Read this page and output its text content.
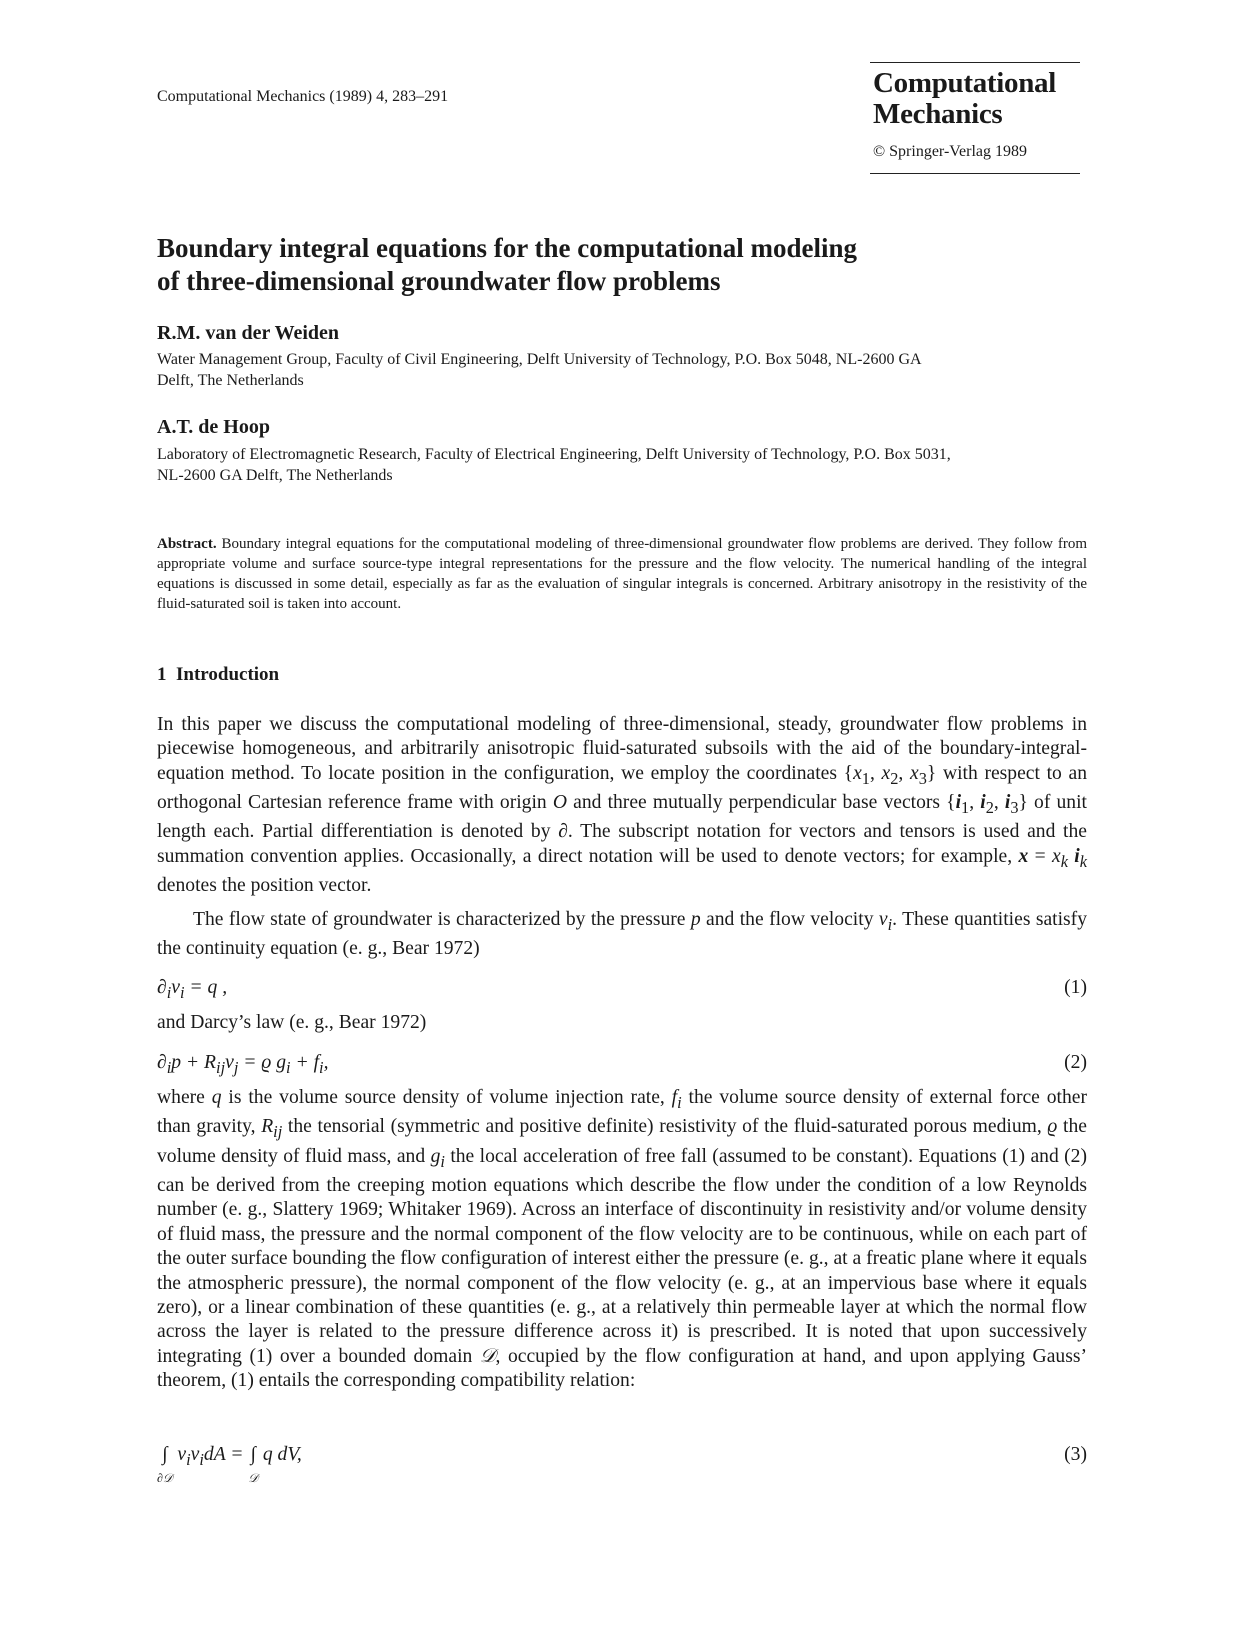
Computational Mechanics (1989) 4, 283–291	Computational
Mechanics
© Springer-Verlag 1989
Boundary integral equations for the computational modeling
of three-dimensional groundwater flow problems
R.M. van der Weiden
Water Management Group, Faculty of Civil Engineering, Delft University of Technology, P.O. Box 5048, NL-2600 GA
Delft, The Netherlands
A.T. de Hoop
Laboratory of Electromagnetic Research, Faculty of Electrical Engineering, Delft University of Technology, P.O. Box 5031,
NL-2600 GA Delft, The Netherlands
Abstract. Boundary integral equations for the computational modeling of three-dimensional groundwater flow problems are derived. They follow from appropriate volume and surface source-type integral representations for the pressure and the flow velocity. The numerical handling of the integral equations is discussed in some detail, especially as far as the evaluation of singular integrals is concerned. Arbitrary anisotropy in the resistivity of the fluid-saturated soil is taken into account.
1 Introduction
In this paper we discuss the computational modeling of three-dimensional, steady, groundwater flow problems in piecewise homogeneous, and arbitrarily anisotropic fluid-saturated subsoils with the aid of the boundary-integral-equation method. To locate position in the configuration, we employ the coordinates {$x_1$, $x_2$, $x_3$} with respect to an orthogonal Cartesian reference frame with origin O and three mutually perpendicular base vectors {$i_1$, $i_2$, $i_3$} of unit length each. Partial differentiation is denoted by ∂. The subscript notation for vectors and tensors is used and the summation convention applies. Occasionally, a direct notation will be used to denote vectors; for example, $x = x_k$ $i_k$ denotes the position vector.
The flow state of groundwater is characterized by the pressure p and the flow velocity $v_i$. These quantities satisfy the continuity equation (e. g., Bear 1972)
$\partial_iv_i = q$ ,	(1)
and Darcy’s law (e. g., Bear 1972)
$\partial_ip + R_{ij}v_j = ϱ$ $g_i + f_i$,	(2)
where q is the volume source density of volume injection rate, $f_i$ the volume source density of external force other than gravity, $R_{ij}$ the tensorial (symmetric and positive definite) resistivity of the fluid-saturated porous medium, ϱ the volume density of fluid mass, and $g_i$ the local acceleration of free fall (assumed to be constant). Equations (1) and (2) can be derived from the creeping motion equations which describe the flow under the condition of a low Reynolds number (e. g., Slattery 1969; Whitaker 1969). Across an interface of discontinuity in resistivity and/or volume density of fluid mass, the pressure and the normal component of the flow velocity are to be continuous, while on each part of the outer surface bounding the flow configuration of interest either the pressure (e. g., at a freatic plane where it equals the atmospheric pressure), the normal component of the flow velocity (e. g., at an impervious base where it equals zero), or a linear combination of these quantities (e. g., at a relatively thin permeable layer at which the normal flow across the layer is related to the pressure difference across it) is prescribed. It is noted that upon successively integrating (1) over a bounded domain 𝒟, occupied by the flow configuration at hand, and upon applying Gauss’ theorem, (1) entails the corresponding compatibility relation:
∫
∂𝒟 $v_iv_idA$ = ∫
𝒟 q dV,	(3)
